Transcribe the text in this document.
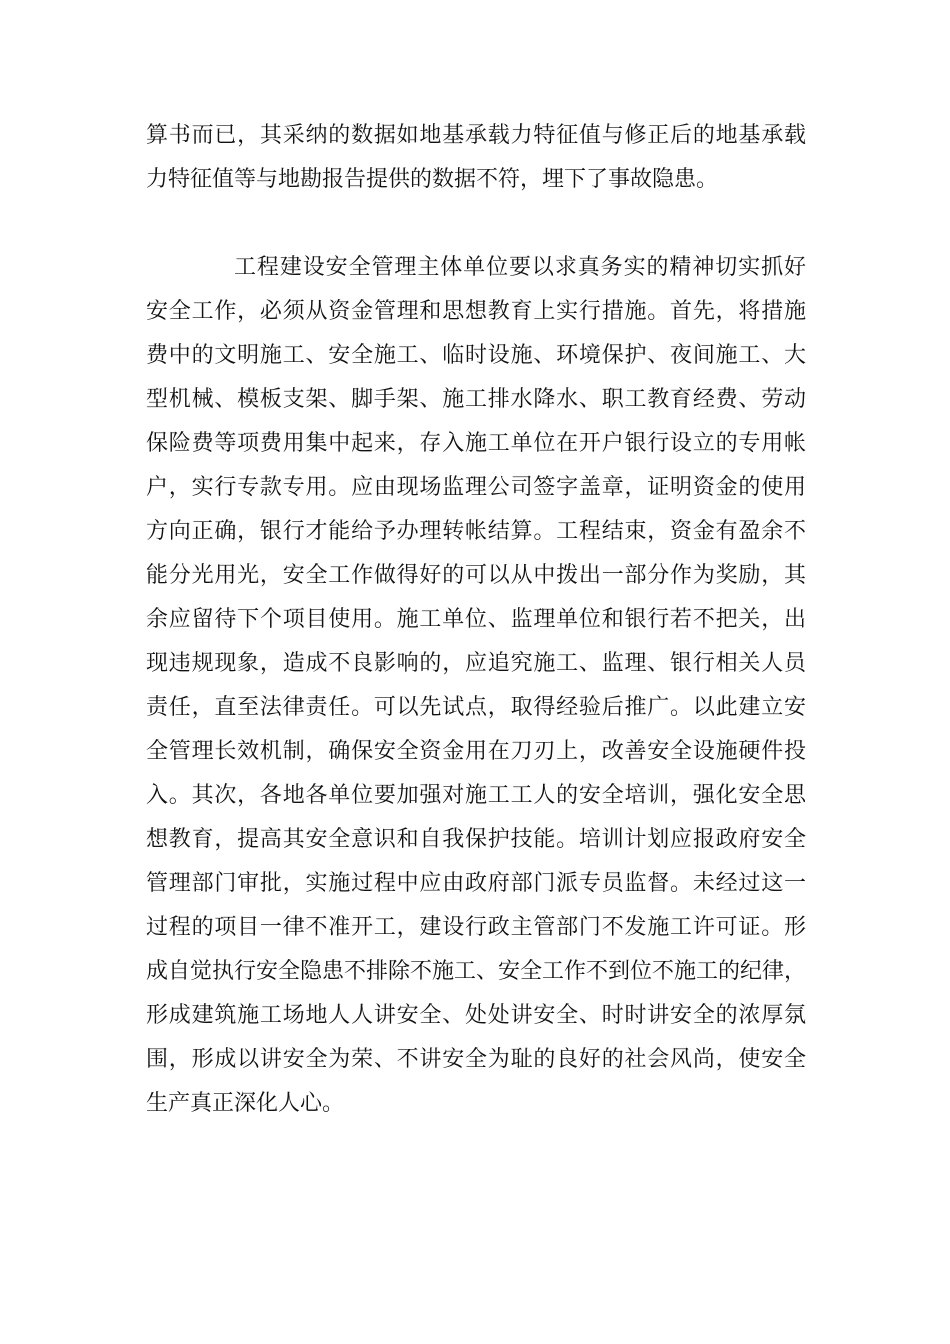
算书而已，其采纳的数据如地基承载力特征值与修正后的地基承载
力特征值等与地勘报告提供的数据不符，埋下了事故隐患。
工程建设安全管理主体单位要以求真务实的精神切实抓好
安全工作，必须从资金管理和思想教育上实行措施。首先，将措施
费中的文明施工、安全施工、临时设施、环境保护、夜间施工、大
型机械、模板支架、脚手架、施工排水降水、职工教育经费、劳动
保险费等项费用集中起来，存入施工单位在开户银行设立的专用帐
户，实行专款专用。应由现场监理公司签字盖章，证明资金的使用
方向正确，银行才能给予办理转帐结算。工程结束，资金有盈余不
能分光用光，安全工作做得好的可以从中拨出一部分作为奖励，其
余应留待下个项目使用。施工单位、监理单位和银行若不把关，出
现违规现象，造成不良影响的，应追究施工、监理、银行相关人员
责任，直至法律责任。可以先试点，取得经验后推广。以此建立安
全管理长效机制，确保安全资金用在刀刃上，改善安全设施硬件投
入。其次，各地各单位要加强对施工工人的安全培训，强化安全思
想教育，提高其安全意识和自我保护技能。培训计划应报政府安全
管理部门审批，实施过程中应由政府部门派专员监督。未经过这一
过程的项目一律不准开工，建设行政主管部门不发施工许可证。形
成自觉执行安全隐患不排除不施工、安全工作不到位不施工的纪律，
形成建筑施工场地人人讲安全、处处讲安全、时时讲安全的浓厚氛
围，形成以讲安全为荣、不讲安全为耻的良好的社会风尚，使安全
生产真正深化人心。
